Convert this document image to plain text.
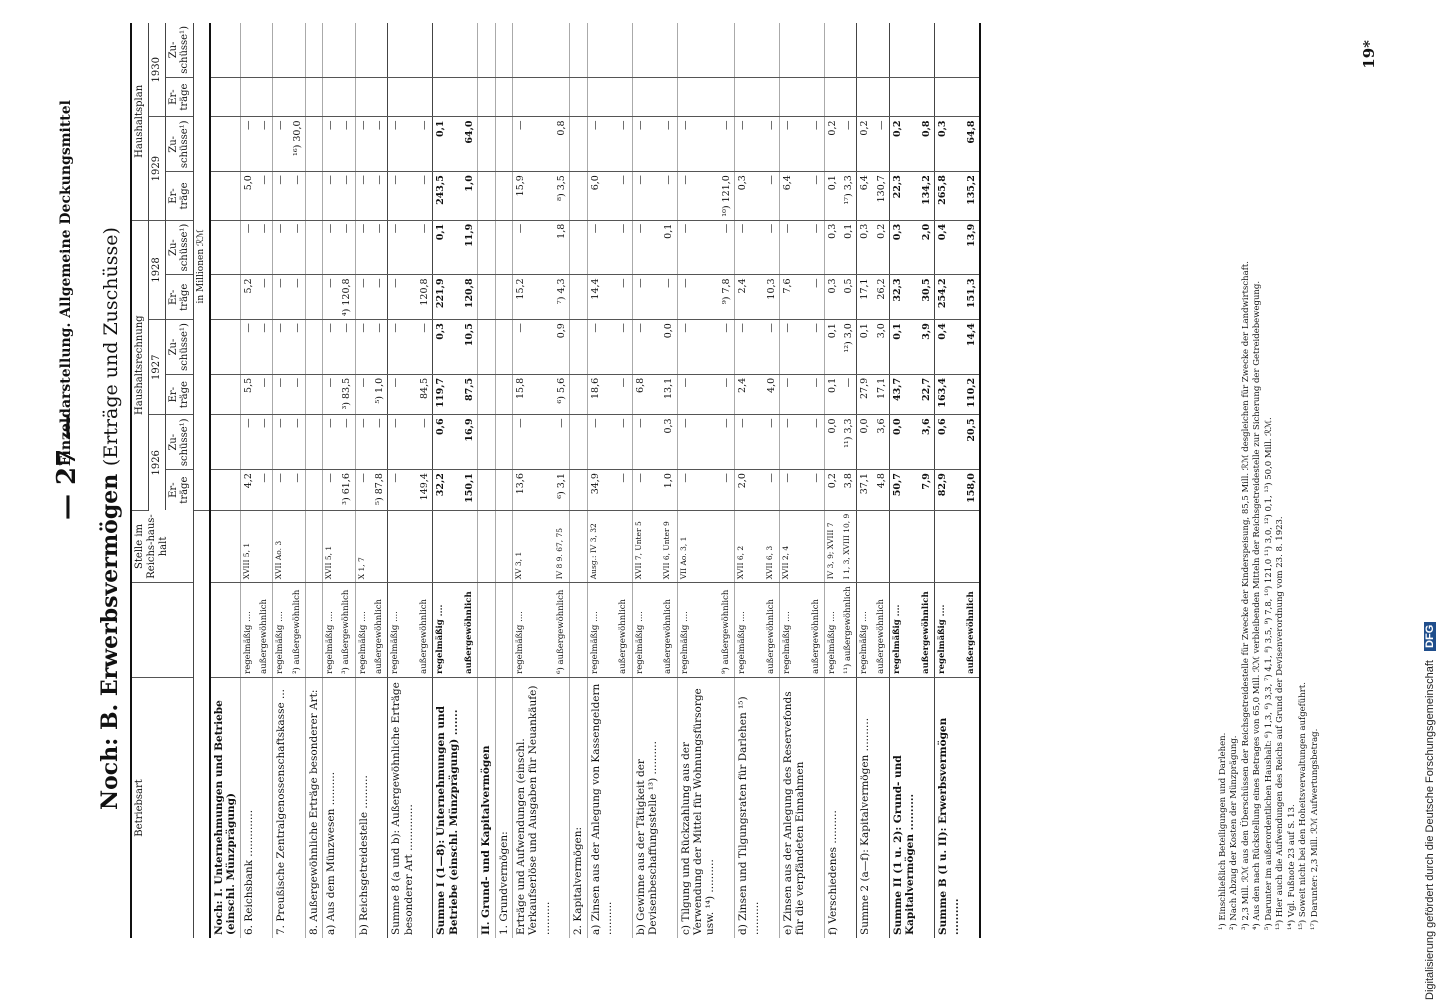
— 27 —
Einzeldarstellung. Allgemeine Deckungsmittel
Noch: B. Erwerbsvermögen (Erträge und Zuschüsse)
Betriebsart		Stelle im Reichs-haus-halt	Haushaltsrechnung						Haushaltsplan			
			1926		1927		1928		1929		1930	
			Er-träge	Zu-schüsse¹)	Er-träge	Zu-schüsse¹)	Er-träge	Zu-schüsse¹)	Er-träge	Zu-schüsse¹)	Er-träge	Zu-schüsse¹)
			in Millionen ℛℳ									
Noch: I. Unternehmungen und Betriebe (einschl. Münzprägung)												
6. Reichsbank ..............	regelmäßig ....	XVIII 5, 1	4,2	—	5,5	—	5,2	—	5,0	—		
	außergewöhnlich		—	—	—	—	—	—	—	—		
7. Preußische Zentralgenossenschaftskasse ...	regelmäßig ....	XVII Ao. 3	—	—	—	—	—	—	—	—		
	²) außergewöhnlich		—	—	—	—	—	—	—	¹⁶) 30,0		
8. Außergewöhnliche Erträge besonderer Art:												
a) Aus dem Münzwesen ..........	regelmäßig ....	XVII 5, 1	—	—	—	—	—	—	—	—		
	³) außergewöhnlich		³) 61,6	—	³) 83,5	—	⁴) 120,8	—	—	—		
b) Reichsgetreidestelle ..........	regelmäßig ....	X 1, 7	—	—	—	—	—	—	—	—		
	außergewöhnlich		⁵) 87,8	—	⁵) 1,0	—	—	—	—	—		
Summe 8 (a und b): Außergewöhnliche Erträge besonderer Art ..............	regelmäßig ....		—	—	—	—	—	—	—	—		
	außergewöhnlich		149,4	—	84,5	—	120,8	—	—	—		
Summe I (1—8): Unternehmungen und Betriebe (einschl. Münzprägung) .......	regelmäßig ....		32,2	0,6	119,7	0,3	221,9	0,1	243,5	0,1		
	außergewöhnlich		150,1	16,9	87,5	10,5	120,8	11,9	1,0	64,0		
II. Grund- und Kapitalvermögen												
1. Grundvermögen:												
Erträge und Aufwendungen (einschl. Verkaufserlöse und Ausgaben für Neuankäufe) ..........	regelmäßig ....	XV 3, 1	13,6	—	15,8	—	15,2	—	15,9	—		
	⁶) außergewöhnlich	IV 8 9. 67, 75	⁶) 3,1	—	⁶) 5,6	0,9	⁷) 4,3	1,8	⁸) 3,5	0,8		
2. Kapitalvermögen:												
a) Zinsen aus der Anlegung von Kassengeldern ..........	regelmäßig ....	Ausg.: IV 3, 32	34,9	—	18,6	—	14,4	—	6,0	—		
	außergewöhnlich		—	—	—	—	—	—	—	—		
b) Gewinne aus der Tätigkeit der Devisenbeschaffungsstelle ¹³) ..........	regelmäßig ....	XVII 7, Unter 5	—	—	6,8	—	—	—	—	—		
	außergewöhnlich	XVII 6, Unter 9	1,0	0,3	13,1	0,0	—	0,1	—	—		
c) Tilgung und Rückzahlung aus der Verwendung der Mittel für Wohnungsfürsorge usw. ¹⁴) ..........	regelmäßig ....	VII Ao. 3, 1	—	—	—	—	—	—	—	—		
	⁹) außergewöhnlich		—	—	—	—	⁹) 7,8	—	¹⁰) 121,0	—		
d) Zinsen und Tilgungsraten für Darlehen ¹⁵) ..........	regelmäßig ....	XVII 6, 2	2,0	—	2,4	—	2,4	—	0,3	—		
	außergewöhnlich	XVII 6, 3	—	—	4,0	—	10,3	—	—	—		
e) Zinsen aus der Anlegung des Reservefonds für die verpfändeten Einnahmen	regelmäßig ....	XVII 2, 4	—	—	—	—	7,6	—	6,4	—		
	außergewöhnlich		—	—	—	—	—	—	—	—		
f) Verschiedenes ..........	regelmäßig ....	IV 3, 9; XVIII 7	0,2	0,0	0,1	0,1	0,3	0,3	0,1	0,2		
	¹¹) außergewöhnlich	I 1, 3, XVIII 10, 9	3,8	¹¹) 3,3	—	¹²) 3,0	0,5	0,1	¹⁷) 3,3	—		
Summe 2 (a—f): Kapitalvermögen ..........	regelmäßig ....		37,1	0,0	27,9	0,1	17,1	0,3	6,4	0,2		
	außergewöhnlich		4,8	3,6	17,1	3,0	26,2	0,2	130,7	—		
Summe II (1 u. 2): Grund- und Kapitalvermögen ..........	regelmäßig ....		50,7	0,0	43,7	0,1	32,3	0,3	22,3	0,2		
	außergewöhnlich		7,9	3,6	22,7	3,9	30,5	2,0	134,2	0,8		
Summe B (I u. II): Erwerbsvermögen ..........	regelmäßig ....		82,9	0,6	163,4	0,4	254,2	0,4	265,8	0,3		
	außergewöhnlich		158,0	20,5	110,2	14,4	151,3	13,9	135,2	64,8		
¹) Einschließlich Beteiligungen und Darlehen. ²) Nach Abzug der Kosten der Münzprägung. ³) 2,3 Mill. ℛℳ aus den Überschüssen der Reichsgetreidestelle für Zwecke der Kinderspeisung, 85,5 Mill. ℛℳ desgleichen für Zwecke der Landwirtschaft. ⁴) Aus den nach Rückstellung eines Betrages von 65,0 Mill. ℛℳ verbleibenden Mitteln der Reichsgetreidestelle zur Sicherung der Getreidebewegung. ⁵) Darunter im außerordentlichen Haushalt: ⁶) 1,3, ⁶) 3,3, ⁷) 4,1, ⁸) 3,5, ⁹) 7,8, ¹⁰) 121,0 ¹¹) 3,0, ¹²) 0,1, ¹³) 50,0 Mill. ℛℳ. ¹³) Hier auch die Aufwendungen des Reichs auf Grund der Devisenverordnung vom 23. 8. 1923. ¹⁴) Vgl. Fußnote 23 auf S. 13. ¹⁵) Soweit nicht bei den Hoheitsverwaltungen aufgeführt. ¹⁷) Darunter: 2,3 Mill. ℛℳ Aufwertungsbetrag.
19*
Digitalisierung gefördert durch die Deutsche Forschungsgemeinschaft DFG
